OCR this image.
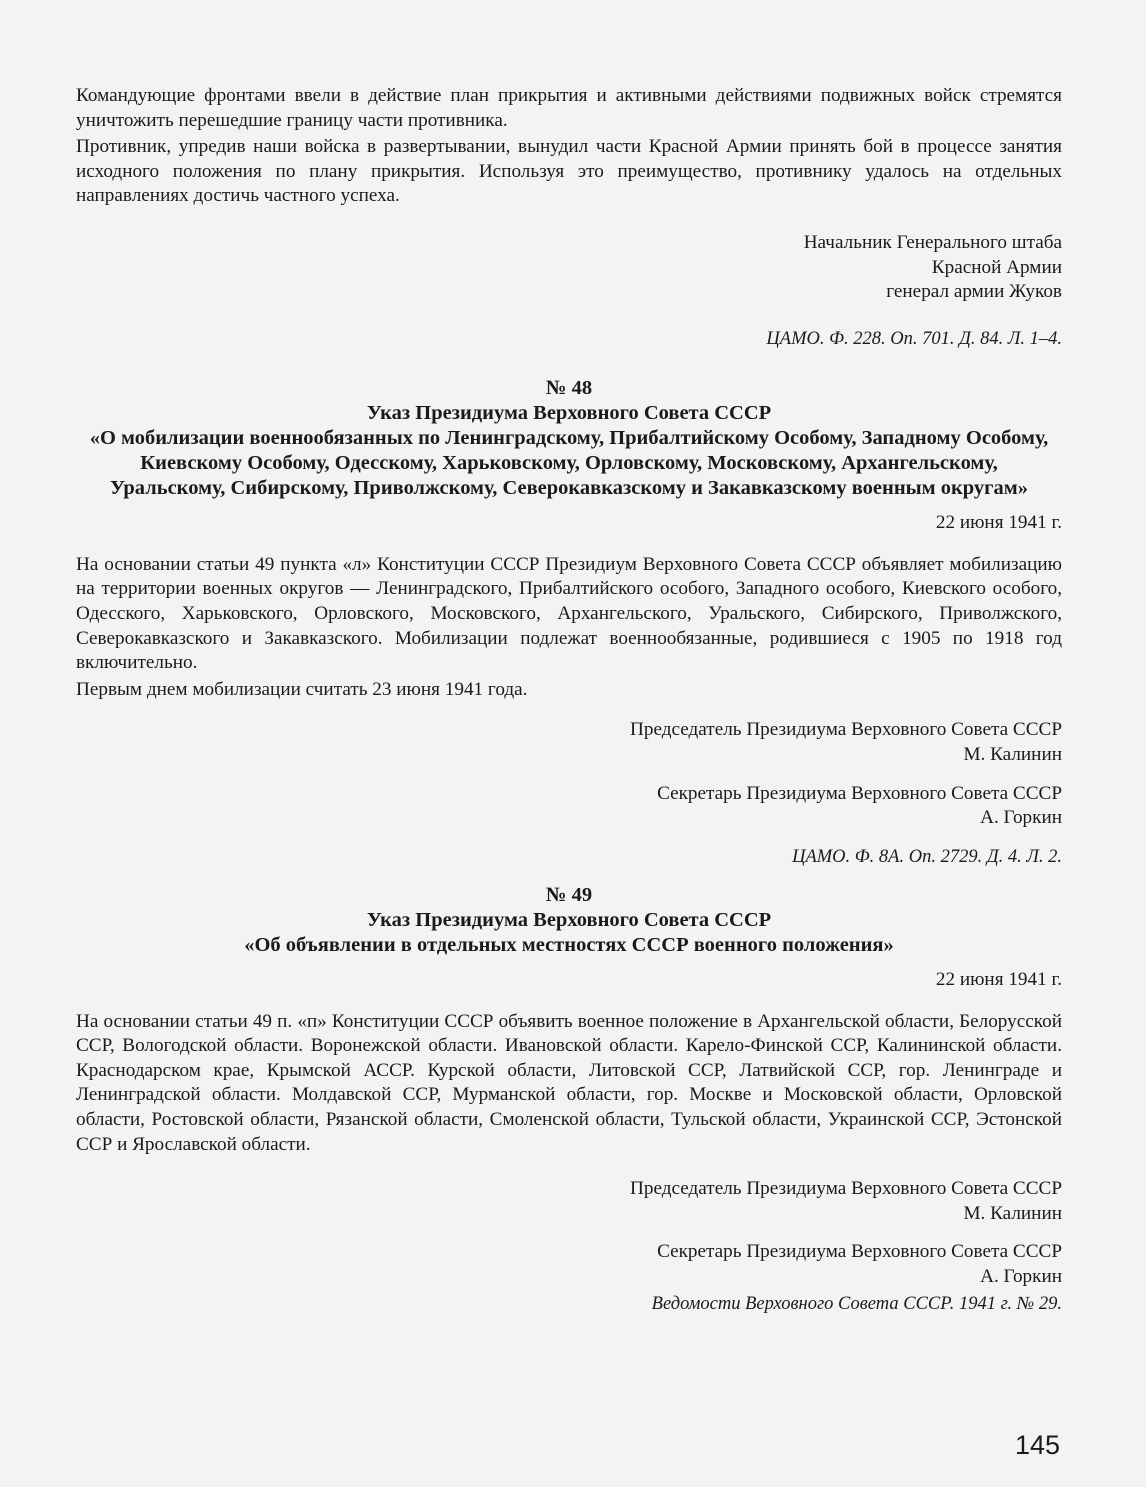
Командующие фронтами ввели в действие план прикрытия и активными действиями подвижных войск стремятся уничтожить перешедшие границу части противника.

Противник, упредив наши войска в развертывании, вынудил части Красной Армии принять бой в процессе занятия исходного положения по плану прикрытия. Используя это преимущество, противнику удалось на отдельных направлениях достичь частного успеха.

Начальник Генерального штаба
Красной Армии
генерал армии Жуков
ЦАМО. Ф. 228. Оп. 701. Д. 84. Л. 1–4.
№ 48
Указ Президиума Верховного Совета СССР
«О мобилизации военнообязанных по Ленинградскому, Прибалтийскому Особому, Западному Особому, Киевскому Особому, Одесскому, Харьковскому, Орловскому, Московскому, Архангельскому, Уральскому, Сибирскому, Приволжскому, Северокавказскому и Закавказскому военным округам»
22 июня 1941 г.

На основании статьи 49 пункта «л» Конституции СССР Президиум Верховного Совета СССР объявляет мобилизацию на территории военных округов — Ленинградского, Прибалтийского особого, Западного особого, Киевского особого, Одесского, Харьковского, Орловского, Московского, Архангельского, Уральского, Сибирского, Приволжского, Северокавказского и Закавказского. Мобилизации подлежат военнообязанные, родившиеся с 1905 по 1918 год включительно.

Первым днем мобилизации считать 23 июня 1941 года.

Председатель Президиума Верховного Совета СССР
М. Калинин
Секретарь Президиума Верховного Совета СССР
А. Горкин
ЦАМО. Ф. 8А. Оп. 2729. Д. 4. Л. 2.
№ 49
Указ Президиума Верховного Совета СССР
«Об объявлении в отдельных местностях СССР военного положения»
22 июня 1941 г.

На основании статьи 49 п. «п» Конституции СССР объявить военное положение в Архангельской области, Белорусской ССР, Вологодской области. Воронежской области. Ивановской области. Карело-Финской ССР, Калининской области. Краснодарском крае, Крымской АССР. Курской области, Литовской ССР, Латвийской ССР, гор. Ленинграде и Ленинградской области. Молдавской ССР, Мурманской области, гор. Москве и Московской области, Орловской области, Ростовской области, Рязанской области, Смоленской области, Тульской области, Украинской ССР, Эстонской ССР и Ярославской области.

Председатель Президиума Верховного Совета СССР
М. Калинин
Секретарь Президиума Верховного Совета СССР
А. Горкин
Ведомости Верховного Совета СССР. 1941 г. № 29.
145
